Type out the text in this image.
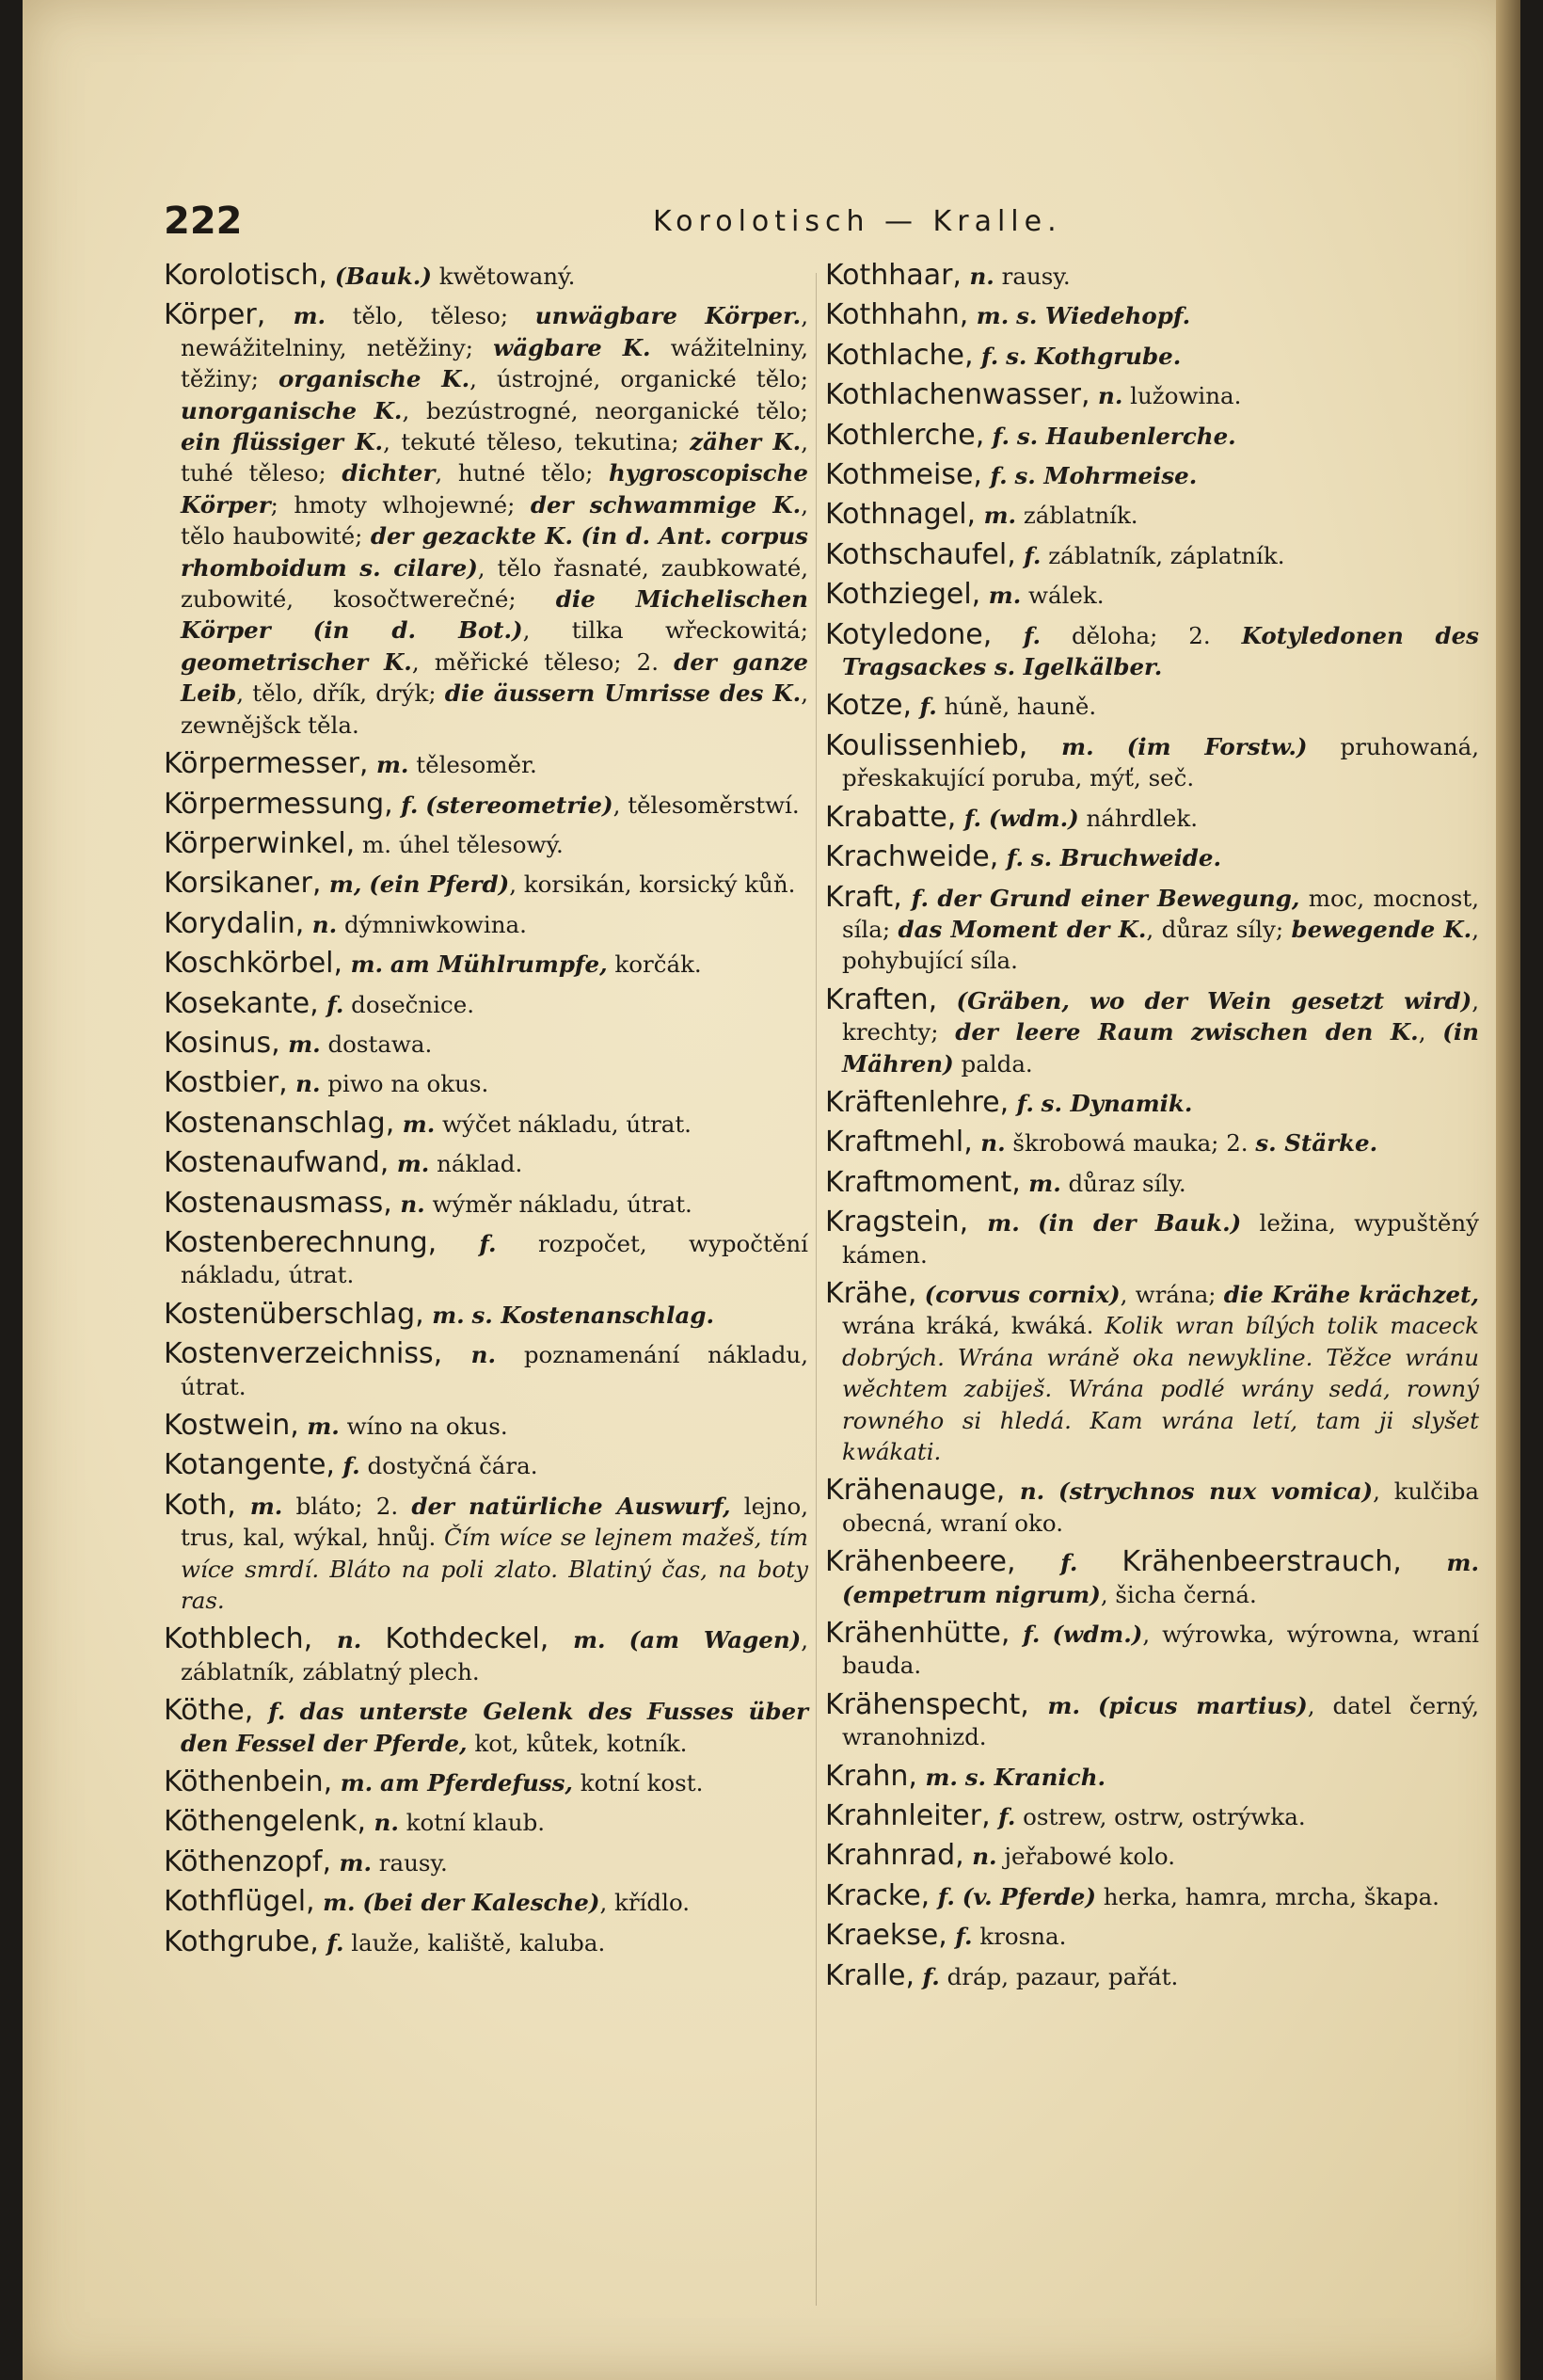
222	Korolotisch — Kralle.
Korolotisch, (Bauk.) kwětowaný.
Körper, m. tělo, těleso; unwägbare Körper., newážitelniny, netěžiny; wägbare K. wážitelniny, těžiny; organische K., ústrojné, organické tělo; unorganische K., bezústrogné, neorganické tělo; ein flüssiger K., tekuté těleso, tekutina; zäher K., tuhé těleso; dichter, hutné tělo; hygroscopische Körper; hmoty wlhojewné; der schwammige K., tělo haubowité; der gezackte K. (in d. Ant. corpus rhomboidum s. cilare), tělo řasnaté, zaubkowaté, zubowité, kosočtwerečné; die Michelischen Körper (in d. Bot.), tilka wřeckowitá; geometrischer K., měřické těleso; 2. der ganze Leib, tělo, dřík, drýk; die äussern Umrisse des K., zewnějšck těla.
Körpermesser, m. tělesoměr.
Körpermessung, f. (stereometrie), tělesoměrstwí.
Körperwinkel, m. úhel tělesowý.
Korsikaner, m, (ein Pferd), korsikán, korsický kůň.
Korydalin, n. dýmniwkowina.
Koschkörbel, m. am Mühlrumpfe, korčák.
Kosekante, f. dosečnice.
Kosinus, m. dostawa.
Kostbier, n. piwo na okus.
Kostenanschlag, m. wýčet nákladu, útrat.
Kostenaufwand, m. náklad.
Kostenausmass, n. wýměr nákladu, útrat.
Kostenberechnung, f. rozpočet, wypočtění nákladu, útrat.
Kostenüberschlag, m. s. Kostenanschlag.
Kostenverzeichniss, n. poznamenání nákladu, útrat.
Kostwein, m. wíno na okus.
Kotangente, f. dostyčná čára.
Koth, m. bláto; 2. der natürliche Auswurf, lejno, trus, kal, wýkal, hnůj. Čím wíce se lejnem mažeš, tím wíce smrdí. Bláto na poli zlato. Blatiný čas, na boty ras.
Kothblech, n. Kothdeckel, m. (am Wagen), záblatník, záblatný plech.
Köthe, f. das unterste Gelenk des Fusses über den Fessel der Pferde, kot, kůtek, kotník.
Köthenbein, m. am Pferdefuss, kotní kost.
Köthengelenk, n. kotní klaub.
Köthenzopf, m. rausy.
Kothflügel, m. (bei der Kalesche), křídlo.
Kothgrube, f. lauže, kaliště, kaluba.
Kothhaar, n. rausy.
Kothhahn, m. s. Wiedehopf.
Kothlache, f. s. Kothgrube.
Kothlachenwasser, n. lužowina.
Kothlerche, f. s. Haubenlerche.
Kothmeise, f. s. Mohrmeise.
Kothnagel, m. záblatník.
Kothschaufel, f. záblatník, záplatník.
Kothziegel, m. wálek.
Kotyledone, f. děloha; 2. Kotyledonen des Tragsackes s. Igelkälber.
Kotze, f. húně, hauně.
Koulissenhieb, m. (im Forstw.) pruhowaná, přeskakující poruba, mýť, seč.
Krabatte, f. (wdm.) náhrdlek.
Krachweide, f. s. Bruchweide.
Kraft, f. der Grund einer Bewegung, moc, mocnost, síla; das Moment der K., důraz síly; bewegende K., pohybující síla.
Kraften, (Gräben, wo der Wein gesetzt wird), krechty; der leere Raum zwischen den K., (in Mähren) palda.
Kräftenlehre, f. s. Dynamik.
Kraftmehl, n. škrobowá mauka; 2. s. Stärke.
Kraftmoment, m. důraz síly.
Kragstein, m. (in der Bauk.) ležina, wypuštěný kámen.
Krähe, (corvus cornix), wrána; die Krähe krächzet, wrána kráká, kwáká. Kolik wran bílých tolik maceck dobrých. Wrána wráně oka newykline. Těžce wránu wěchtem zabiješ. Wrána podlé wrány sedá, rowný rowného si hledá. Kam wrána letí, tam ji slyšet kwákati.
Krähenauge, n. (strychnos nux vomica), kulčiba obecná, wraní oko.
Krähenbeere, f. Krähenbeerstrauch, m. (empetrum nigrum), šicha černá.
Krähenhütte, f. (wdm.), wýrowka, wýrowna, wraní bauda.
Krähenspecht, m. (picus martius), datel černý, wranohnizd.
Krahn, m. s. Kranich.
Krahnleiter, f. ostrew, ostrw, ostrýwka.
Krahnrad, n. jeřabowé kolo.
Kracke, f. (v. Pferde) herka, hamra, mrcha, škapa.
Kraekse, f. krosna.
Kralle, f. dráp, pazaur, pařát.
